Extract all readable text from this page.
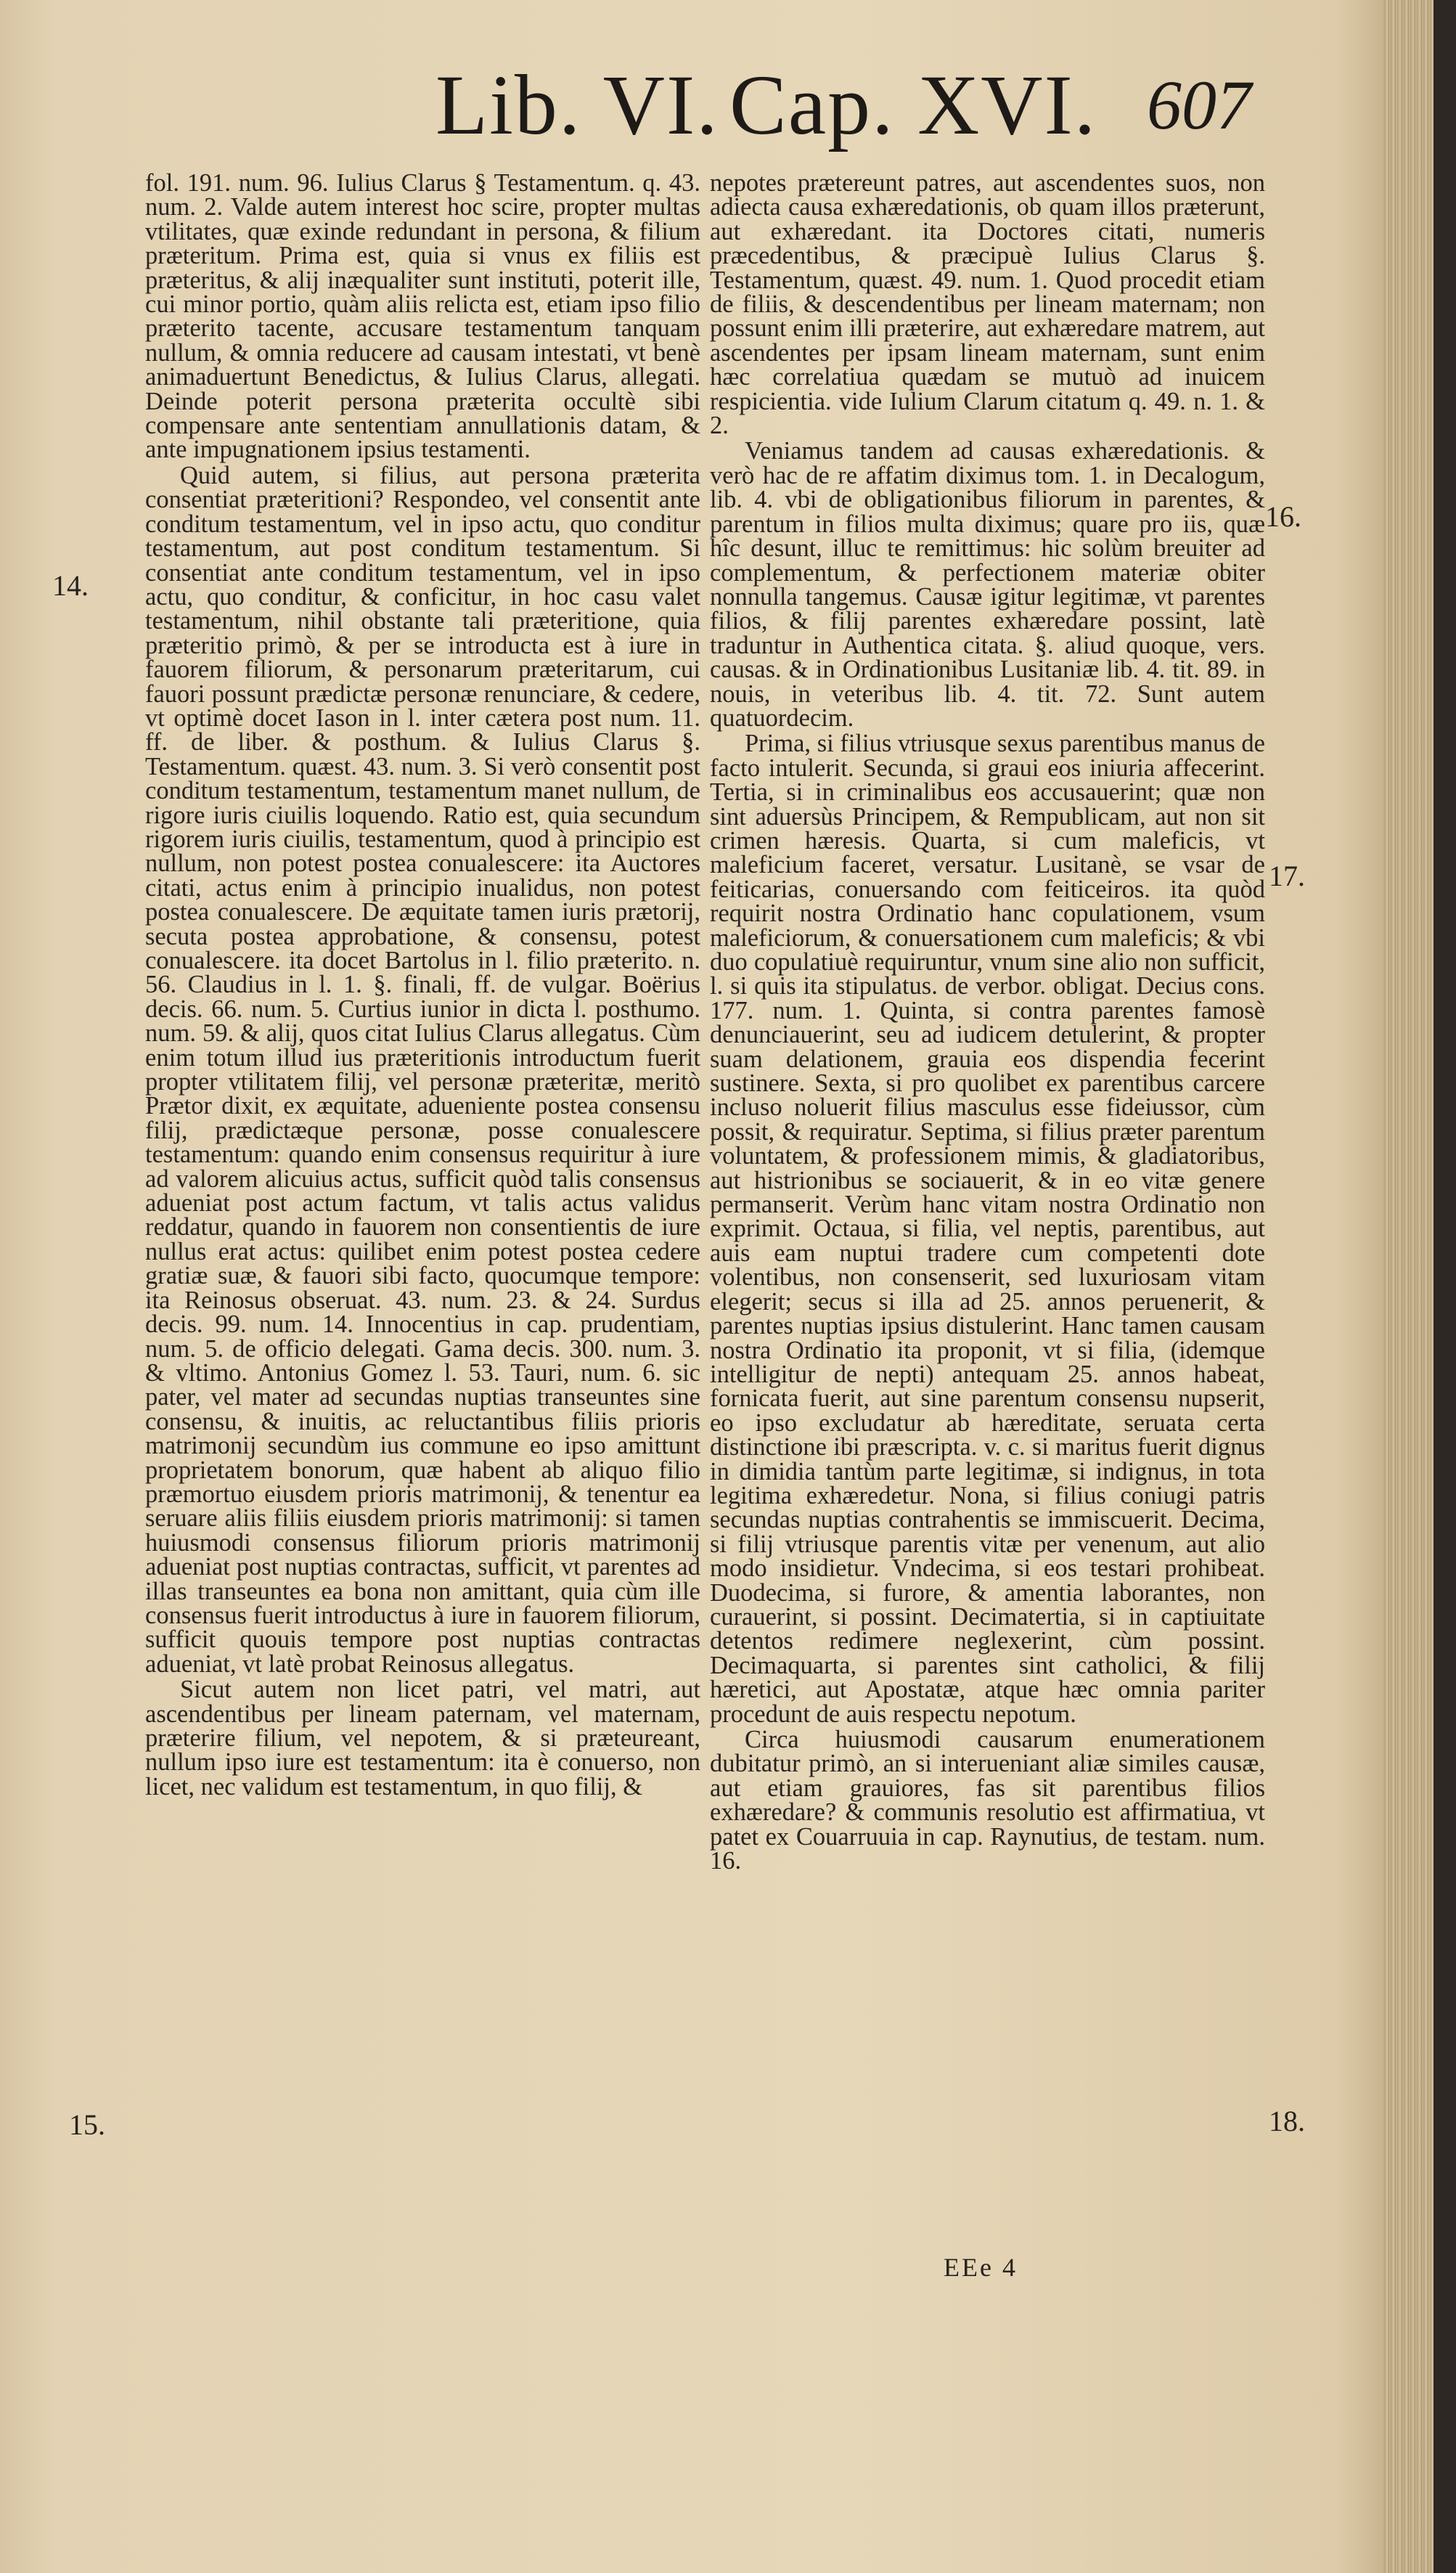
Lib. VI. Cap. XVI. 607

fol. 191. num. 96. Iulius Clarus § Testamentum. q. 43. num. 2. Valde autem interest hoc scire, propter multas vtilitates, quæ exinde redundant in persona, & filium præteritum. Prima est, quia si vnus ex filiis est præteritus, & alij inæqualiter sunt instituti, poterit ille, cui minor portio, quàm aliis relicta est, etiam ipso filio præterito tacente, accusare testamentum tanquam nullum, & omnia reducere ad causam intestati, vt benè animaduertunt Benedictus, & Iulius Clarus, allegati. Deinde poterit persona præterita occultè sibi compensare ante sententiam annullationis datam, & ante impugnationem ipsius testamenti.

Quid autem, si filius, aut persona præterita consentiat præteritioni? Respondeo, vel consentit ante conditum testamentum, vel in ipso actu, quo conditur testamentum, aut post conditum testamentum. Si consentiat ante conditum testamentum, vel in ipso actu, quo conditur, & conficitur, in hoc casu valet testamentum, nihil obstante tali præteritione, quia præteritio primò, & per se introducta est à iure in fauorem filiorum, & personarum præteritarum, cui fauori possunt prædictæ personæ renunciare, & cedere, vt optimè docet Iason in l. inter cætera post num. 11. ff. de liber. & posthum. & Iulius Clarus §. Testamentum. quæst. 43. num. 3. Si verò consentit post conditum testamentum, testamentum manet nullum, de rigore iuris ciuilis loquendo. Ratio est, quia secundum rigorem iuris ciuilis, testamentum, quod à principio est nullum, non potest postea conualescere: ita Auctores citati, actus enim à principio inualidus, non potest postea conualescere. De æquitate tamen iuris prætorij, secuta postea approbatione, & consensu, potest conualescere. ita docet Bartolus in l. filio præterito. n. 56. Claudius in l. 1. §. finali, ff. de vulgar. Boërius decis. 66. num. 5. Curtius iunior in dicta l. posthumo. num. 59. & alij, quos citat Iulius Clarus allegatus. Cùm enim totum illud ius præteritionis introductum fuerit propter vtilitatem filij, vel personæ præteritæ, meritò Prætor dixit, ex æquitate, adueniente postea consensu filij, prædictæque personæ, posse conualescere testamentum: quando enim consensus requiritur à iure ad valorem alicuius actus, sufficit quòd talis consensus adueniat post actum factum, vt talis actus validus reddatur, quando in fauorem non consentientis de iure nullus erat actus: quilibet enim potest postea cedere gratiæ suæ, & fauori sibi facto, quocumque tempore: ita Reinosus obseruat. 43. num. 23. & 24. Surdus decis. 99. num. 14. Innocentius in cap. prudentiam, num. 5. de officio delegati. Gama decis. 300. num. 3. & vltimo. Antonius Gomez l. 53. Tauri, num. 6. sic pater, vel mater ad secundas nuptias transeuntes sine consensu, & inuitis, ac reluctantibus filiis prioris matrimonij secundùm ius commune eo ipso amittunt proprietatem bonorum, quæ habent ab aliquo filio præmortuo eiusdem prioris matrimonij, & tenentur ea seruare aliis filiis eiusdem prioris matrimonij: si tamen huiusmodi consensus filiorum prioris matrimonij adueniat post nuptias contractas, sufficit, vt parentes ad illas transeuntes ea bona non amittant, quia cùm ille consensus fuerit introductus à iure in fauorem filiorum, sufficit quouis tempore post nuptias contractas adueniat, vt latè probat Reinosus allegatus.

Sicut autem non licet patri, vel matri, aut ascendentibus per lineam paternam, vel maternam, præterire filium, vel nepotem, & si præteureant, nullum ipso iure est testamentum: ita è conuerso, non licet, nec validum est testamentum, in quo filij, &

nepotes prætereunt patres, aut ascendentes suos, non adiecta causa exhæredationis, ob quam illos præterunt, aut exhæredant. ita Doctores citati, numeris præcedentibus, & præcipuè Iulius Clarus §. Testamentum, quæst. 49. num. 1. Quod procedit etiam de filiis, & descendentibus per lineam maternam; non possunt enim illi præterire, aut exhæredare matrem, aut ascendentes per ipsam lineam maternam, sunt enim hæc correlatiua quædam se mutuò ad inuicem respicientia. vide Iulium Clarum citatum q. 49. n. 1. & 2.

Veniamus tandem ad causas exhæredationis. & verò hac de re affatim diximus tom. 1. in Decalogum, lib. 4. vbi de obligationibus filiorum in parentes, & parentum in filios multa diximus; quare pro iis, quæ hîc desunt, illuc te remittimus: hic solùm breuiter ad complementum, & perfectionem materiæ obiter nonnulla tangemus. Causæ igitur legitimæ, vt parentes filios, & filij parentes exhæredare possint, latè traduntur in Authentica citata. §. aliud quoque, vers. causas. & in Ordinationibus Lusitaniæ lib. 4. tit. 89. in nouis, in veteribus lib. 4. tit. 72. Sunt autem quatuordecim.

Prima, si filius vtriusque sexus parentibus manus de facto intulerit. Secunda, si graui eos iniuria affecerint. Tertia, si in criminalibus eos accusauerint; quæ non sint aduersùs Principem, & Rempublicam, aut non sit crimen hæresis. Quarta, si cum maleficis, vt maleficium faceret, versatur. Lusitanè, se vsar de feiticarias, conuersando com feiticeiros. ita quòd requirit nostra Ordinatio hanc copulationem, vsum maleficiorum, & conuersationem cum maleficis; & vbi duo copulatiuè requiruntur, vnum sine alio non sufficit, l. si quis ita stipulatus. de verbor. obligat. Decius cons. 177. num. 1. Quinta, si contra parentes famosè denunciauerint, seu ad iudicem detulerint, & propter suam delationem, grauia eos dispendia fecerint sustinere. Sexta, si pro quolibet ex parentibus carcere incluso noluerit filius masculus esse fideiussor, cùm possit, & requiratur. Septima, si filius præter parentum voluntatem, & professionem mimis, & gladiatoribus, aut histrionibus se sociauerit, & in eo vitæ genere permanserit. Verùm hanc vitam nostra Ordinatio non exprimit. Octaua, si filia, vel neptis, parentibus, aut auis eam nuptui tradere cum competenti dote volentibus, non consenserit, sed luxuriosam vitam elegerit; secus si illa ad 25. annos peruenerit, & parentes nuptias ipsius distulerint. Hanc tamen causam nostra Ordinatio ita proponit, vt si filia, (idemque intelligitur de nepti) antequam 25. annos habeat, fornicata fuerit, aut sine parentum consensu nupserit, eo ipso excludatur ab hæreditate, seruata certa distinctione ibi præscripta. v. c. si maritus fuerit dignus in dimidia tantùm parte legitimæ, si indignus, in tota legitima exhæredetur. Nona, si filius coniugi patris secundas nuptias contrahentis se immiscuerit. Decima, si filij vtriusque parentis vitæ per venenum, aut alio modo insidietur. Vndecima, si eos testari prohibeat. Duodecima, si furore, & amentia laborantes, non curauerint, si possint. Decimatertia, si in captiuitate detentos redimere neglexerint, cùm possint. Decimaquarta, si parentes sint catholici, & filij hæretici, aut Apostatæ, atque hæc omnia pariter procedunt de auis respectu nepotum.

Circa huiusmodi causarum enumerationem dubitatur primò, an si interueniant aliæ similes causæ, aut etiam grauiores, fas sit parentibus filios exhæredare? & communis resolutio est affirmatiua, vt patet ex Couarruuia in cap. Raynutius, de testam. num. 16.

14.
15.
16.
17.
18.
EEe 4
